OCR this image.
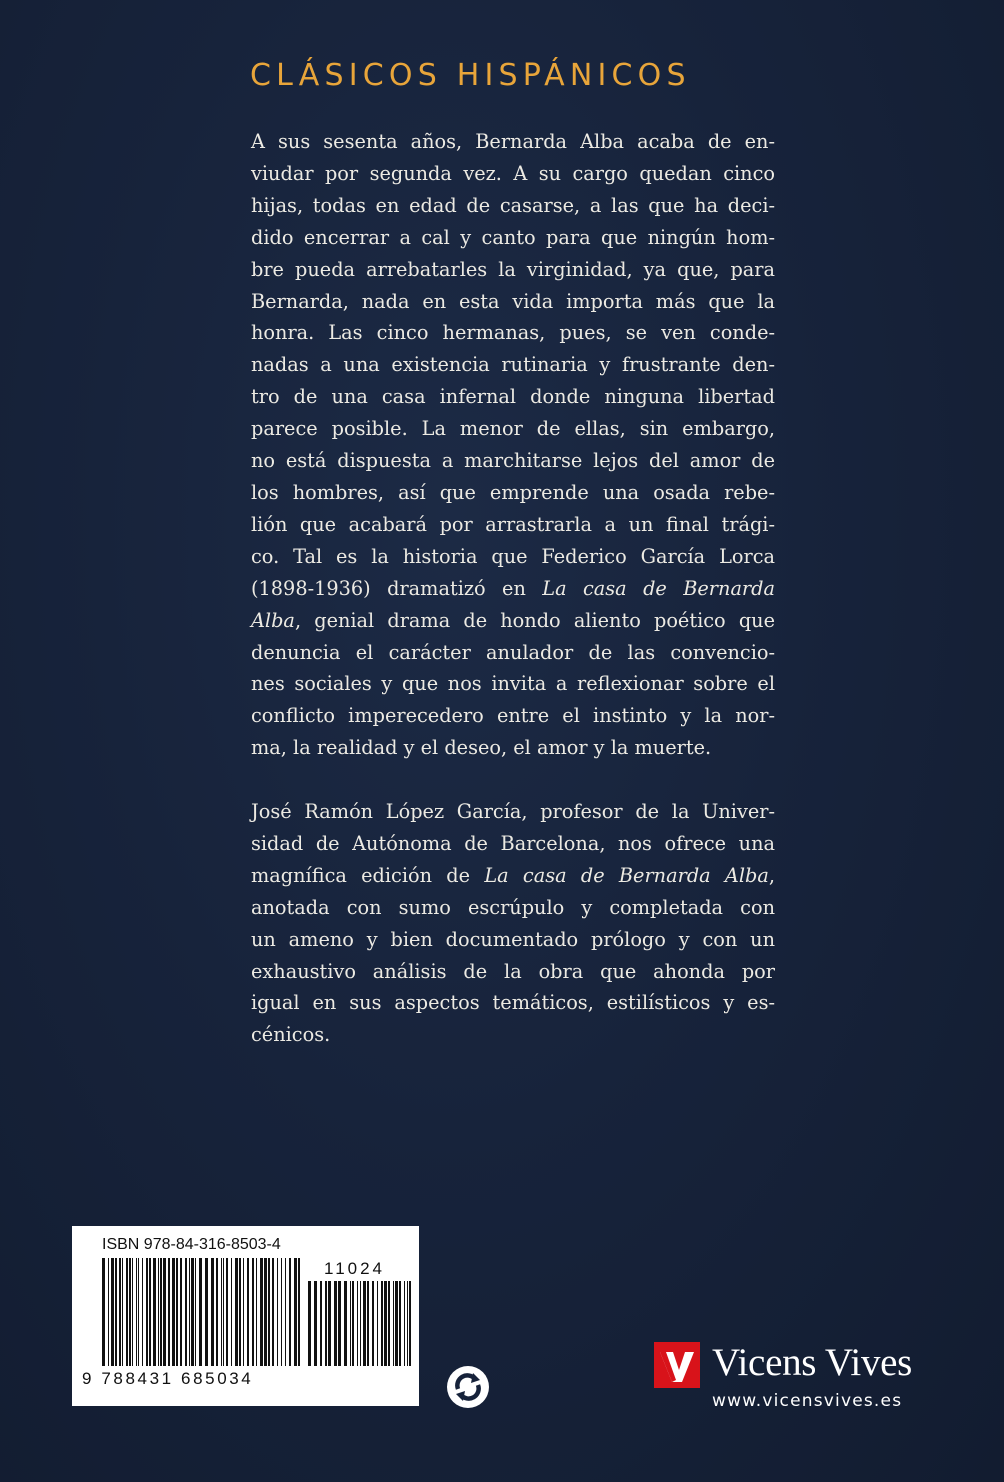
CLÁSICOS HISPÁNICOS
A sus sesenta años, Bernarda Alba acaba de en-
viudar por segunda vez. A su cargo quedan cinco
hijas, todas en edad de casarse, a las que ha deci-
dido encerrar a cal y canto para que ningún hom-
bre pueda arrebatarles la virginidad, ya que, para
Bernarda, nada en esta vida importa más que la
honra. Las cinco hermanas, pues, se ven conde-
nadas a una existencia rutinaria y frustrante den-
tro de una casa infernal donde ninguna libertad
parece posible. La menor de ellas, sin embargo,
no está dispuesta a marchitarse lejos del amor de
los hombres, así que emprende una osada rebe-
lión que acabará por arrastrarla a un final trági-
co. Tal es la historia que Federico García Lorca
(1898-1936) dramatizó en La casa de Bernarda
Alba, genial drama de hondo aliento poético que
denuncia el carácter anulador de las convencio-
nes sociales y que nos invita a reflexionar sobre el
conflicto imperecedero entre el instinto y la nor-
ma, la realidad y el deseo, el amor y la muerte.
José Ramón López García, profesor de la Univer-
sidad de Autónoma de Barcelona, nos ofrece una
magnífica edición de La casa de Bernarda Alba,
anotada con sumo escrúpulo y completada con
un ameno y bien documentado prólogo y con un
exhaustivo análisis de la obra que ahonda por
igual en sus aspectos temáticos, estilísticos y es-
cénicos.
ISBN 978-84-316-8503-4
11024
9 788431 685034	Vicens Vives
www.vicensvives.es
